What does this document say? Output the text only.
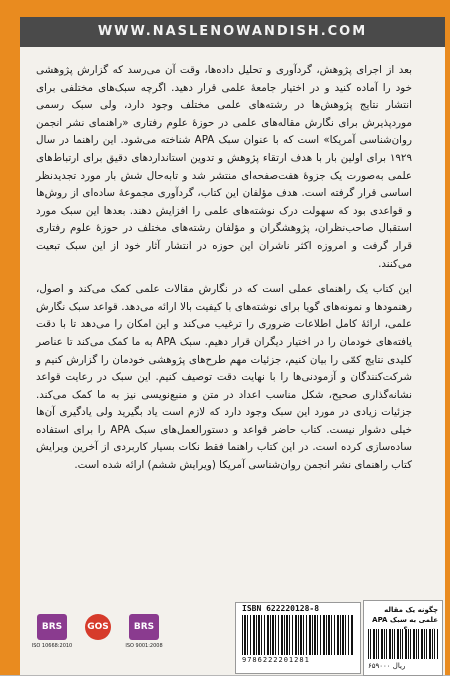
WWW.NASLENOWANDISH.COM

بعد از اجرای پژوهش، گردآوری و تحلیل داده‌ها، وقت آن می‌رسد که گزارش پژوهشی خود را آماده کنید و در اختیار جامعهٔ علمی قرار دهید. اگرچه سبک‌های مختلفی برای انتشار نتایج پژوهش‌ها در رشته‌های علمی مختلف وجود دارد، ولی سبک رسمی موردپذیرش برای نگارش مقاله‌های علمی در حوزهٔ علوم رفتاری «راهنمای نشر انجمن روان‌شناسی آمریکا» است که با عنوان سبک APA شناخته می‌شود. این راهنما در سال ۱۹۲۹ برای اولین بار با هدف ارتقاء پژوهش و تدوین استانداردهای دقیق برای ارتباط‌های علمی به‌صورت یک جزوهٔ هفت‌صفحه‌ای منتشر شد و تابه‌حال شش بار مورد تجدیدنظر اساسی قرار گرفته است. هدف مؤلفان این کتاب، گردآوری مجموعهٔ ساده‌ای از روش‌ها و قواعدی بود که سهولت درک نوشته‌های علمی را افزایش دهند. بعدها این سبک مورد استقبال صاحب‌نظران، پژوهشگران و مؤلفان رشته‌های مختلف در حوزهٔ علوم رفتاری قرار گرفت و امروزه اکثر ناشران این حوزه در انتشار آثار خود از این سبک تبعیت می‌کنند.

این کتاب یک راهنمای عملی است که در نگارش مقالات علمی کمک می‌کند و اصول، رهنمودها و نمونه‌های گویا برای نوشته‌های با کیفیت بالا ارائه می‌دهد. قواعد سبک نگارش علمی، ارائهٔ کامل اطلاعات ضروری را ترغیب می‌کند و این امکان را می‌دهد تا با دقت یافته‌های خودمان را در اختیار دیگران قرار دهیم. سبک APA به ما کمک می‌کند تا عناصر کلیدی نتایج کمّی را بیان کنیم، جزئیات مهم طرح‌های پژوهشی خودمان را گزارش کنیم و شرکت‌کنندگان و آزمودنی‌ها را با نهایت دقت توصیف کنیم. این سبک در رعایت قواعد نشانه‌گذاری صحیح، شکل مناسب اعداد در متن و منبع‌نویسی نیز به ما کمک می‌کند. جزئیات زیادی در مورد این سبک وجود دارد که لازم است یاد بگیرید ولی یادگیری آن‌ها خیلی دشوار نیست. کتاب حاضر قواعد و دستورالعمل‌های سبک APA را برای استفاده ساده‌سازی کرده است. در این کتاب راهنما فقط نکات بسیار کاربردی از آخرین ویرایش کتاب راهنمای نشر انجمن روان‌شناسی آمریکا (ویرایش ششم) ارائه شده است.

BRS
ISO 10668:2010
GOS	BRS
ISO 9001:2008
ISBN 622220128-8
9786222201281
چگونه یک مقاله علمی به سبک APA
۶۵۹۰۰۰ ریال
